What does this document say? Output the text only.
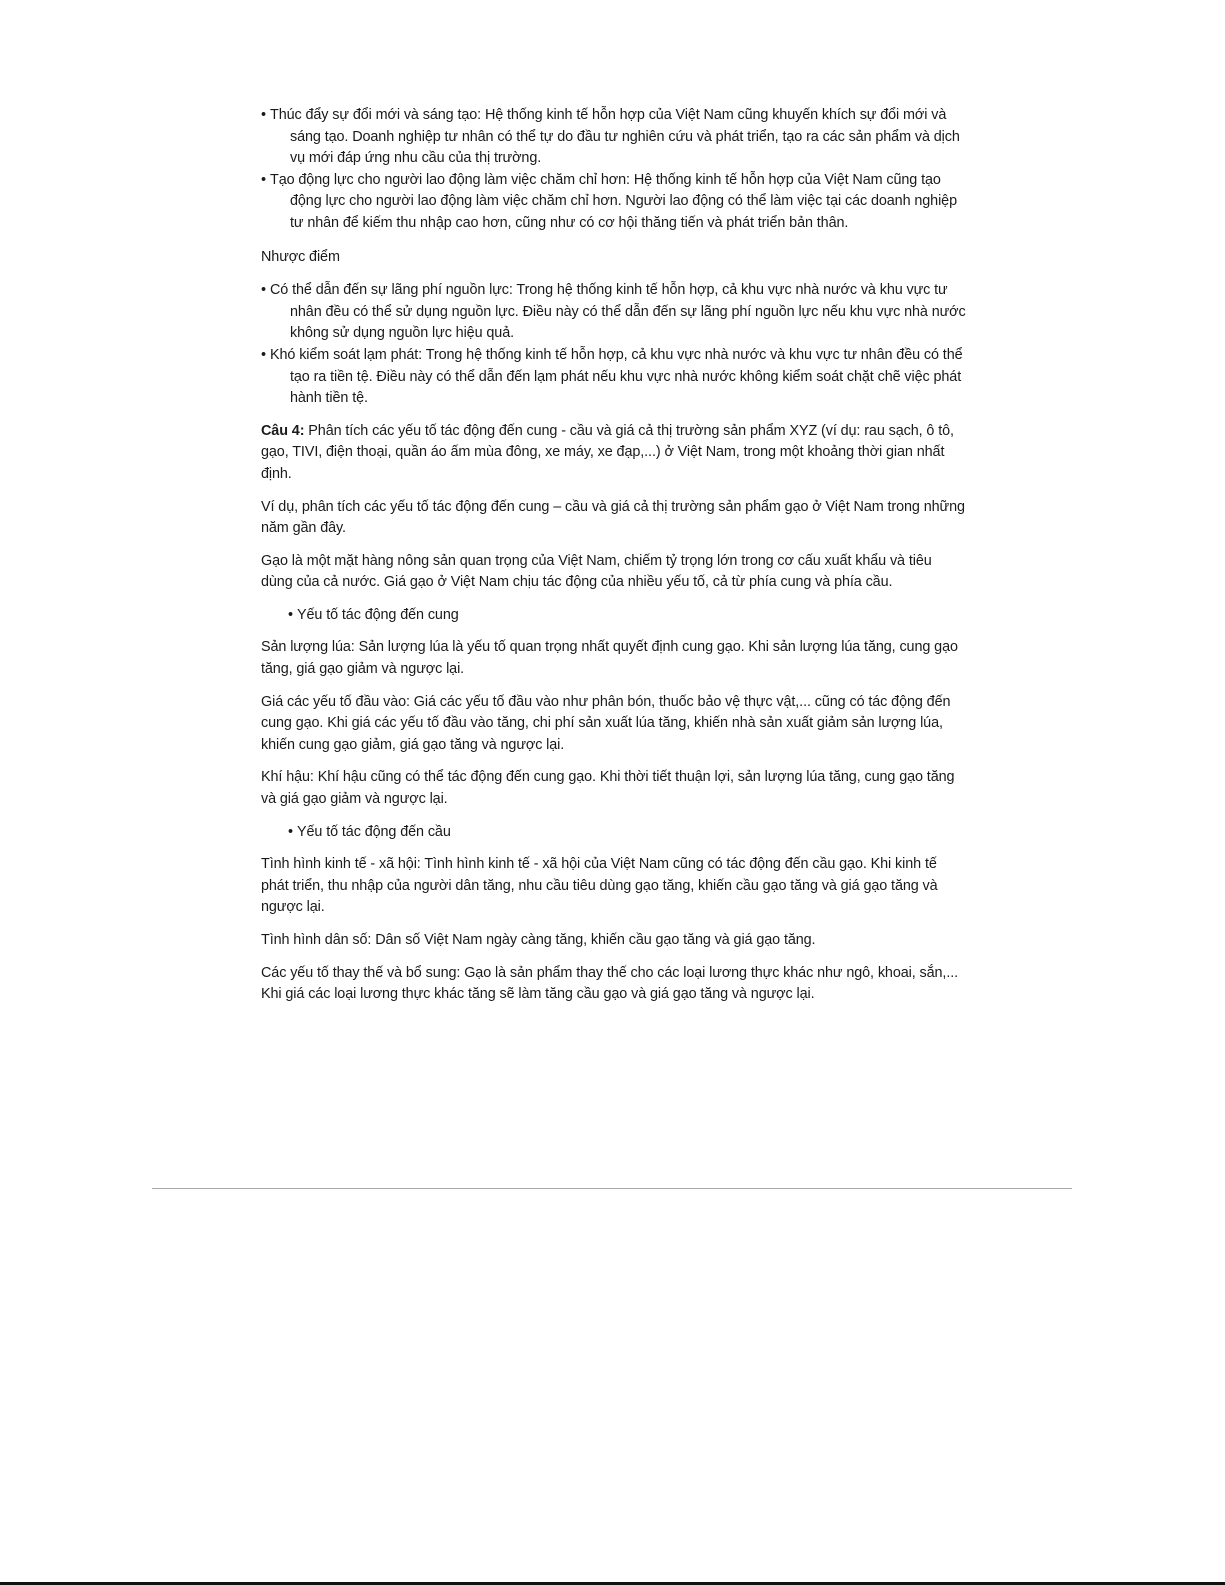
• Thúc đẩy sự đổi mới và sáng tạo: Hệ thống kinh tế hỗn hợp của Việt Nam cũng khuyến khích sự đổi mới và sáng tạo. Doanh nghiệp tư nhân có thể tự do đầu tư nghiên cứu và phát triển, tạo ra các sản phẩm và dịch vụ mới đáp ứng nhu cầu của thị trường.

• Tạo động lực cho người lao động làm việc chăm chỉ hơn: Hệ thống kinh tế hỗn hợp của Việt Nam cũng tạo động lực cho người lao động làm việc chăm chỉ hơn. Người lao động có thể làm việc tại các doanh nghiệp tư nhân để kiếm thu nhập cao hơn, cũng như có cơ hội thăng tiến và phát triển bản thân.

Nhược điểm

• Có thể dẫn đến sự lãng phí nguồn lực: Trong hệ thống kinh tế hỗn hợp, cả khu vực nhà nước và khu vực tư nhân đều có thể sử dụng nguồn lực. Điều này có thể dẫn đến sự lãng phí nguồn lực nếu khu vực nhà nước không sử dụng nguồn lực hiệu quả.

• Khó kiểm soát lạm phát: Trong hệ thống kinh tế hỗn hợp, cả khu vực nhà nước và khu vực tư nhân đều có thể tạo ra tiền tệ. Điều này có thể dẫn đến lạm phát nếu khu vực nhà nước không kiểm soát chặt chẽ việc phát hành tiền tệ.

Câu 4: Phân tích các yếu tố tác động đến cung - cầu và giá cả thị trường sản phẩm XYZ (ví dụ: rau sạch, ô tô, gạo, TIVI, điện thoại, quần áo ấm mùa đông, xe máy, xe đạp,...) ở Việt Nam, trong một khoảng thời gian nhất định.

Ví dụ, phân tích các yếu tố tác động đến cung – cầu và giá cả thị trường sản phẩm gạo ở Việt Nam trong những năm gần đây.

Gạo là một mặt hàng nông sản quan trọng của Việt Nam, chiếm tỷ trọng lớn trong cơ cấu xuất khẩu và tiêu dùng của cả nước. Giá gạo ở Việt Nam chịu tác động của nhiều yếu tố, cả từ phía cung và phía cầu.

• Yếu tố tác động đến cung

Sản lượng lúa: Sản lượng lúa là yếu tố quan trọng nhất quyết định cung gạo. Khi sản lượng lúa tăng, cung gạo tăng, giá gạo giảm và ngược lại.

Giá các yếu tố đầu vào: Giá các yếu tố đầu vào như phân bón, thuốc bảo vệ thực vật,... cũng có tác động đến cung gạo. Khi giá các yếu tố đầu vào tăng, chi phí sản xuất lúa tăng, khiến nhà sản xuất giảm sản lượng lúa, khiến cung gạo giảm, giá gạo tăng và ngược lại.

Khí hậu: Khí hậu cũng có thể tác động đến cung gạo. Khi thời tiết thuận lợi, sản lượng lúa tăng, cung gạo tăng và giá gạo giảm và ngược lại.

• Yếu tố tác động đến cầu

Tình hình kinh tế - xã hội: Tình hình kinh tế - xã hội của Việt Nam cũng có tác động đến cầu gạo. Khi kinh tế phát triển, thu nhập của người dân tăng, nhu cầu tiêu dùng gạo tăng, khiến cầu gạo tăng và giá gạo tăng và ngược lại.

Tình hình dân số: Dân số Việt Nam ngày càng tăng, khiến cầu gạo tăng và giá gạo tăng.

Các yếu tố thay thế và bổ sung: Gạo là sản phẩm thay thế cho các loại lương thực khác như ngô, khoai, sắn,... Khi giá các loại lương thực khác tăng sẽ làm tăng cầu gạo và giá gạo tăng và ngược lại.
